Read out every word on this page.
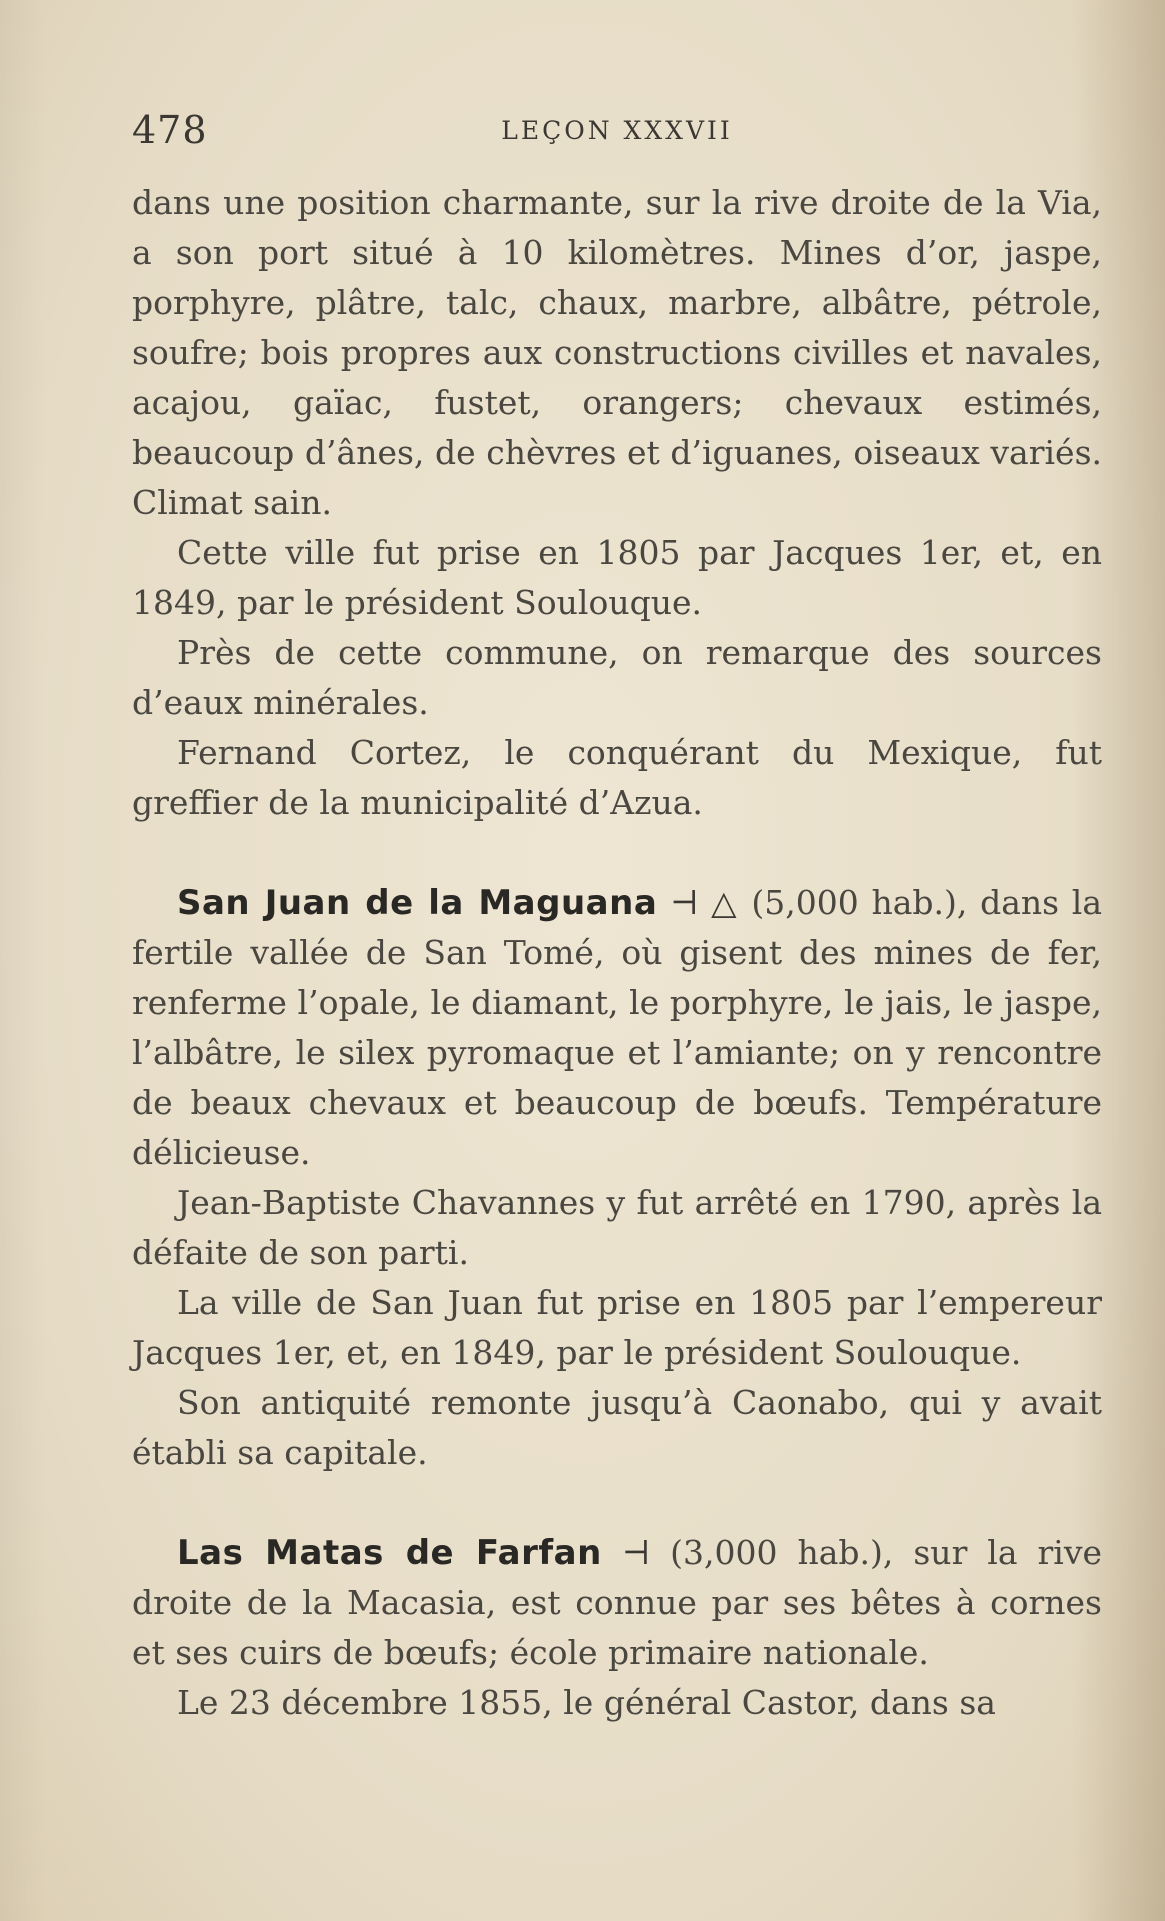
478	LEÇON XXXVII

dans une position charmante, sur la rive droite de la Via, a son port situé à 10 kilomètres. Mines d’or, jaspe, porphyre, plâtre, talc, chaux, marbre, albâtre, pétrole, soufre; bois propres aux constructions civilles et navales, acajou, gaïac, fustet, orangers; chevaux estimés, beaucoup d’ânes, de chèvres et d’iguanes, oiseaux variés. Climat sain.

Cette ville fut prise en 1805 par Jacques 1er, et, en 1849, par le président Soulouque.

Près de cette commune, on remarque des sources d’eaux minérales.

Fernand Cortez, le conquérant du Mexique, fut greffier de la municipalité d’Azua.

San Juan de la Maguana ⊣ △ (5,000 hab.), dans la fertile vallée de San Tomé, où gisent des mines de fer, renferme l’opale, le diamant, le porphyre, le jais, le jaspe, l’albâtre, le silex pyromaque et l’amiante; on y rencontre de beaux chevaux et beaucoup de bœufs. Température délicieuse.

Jean-Baptiste Chavannes y fut arrêté en 1790, après la défaite de son parti.

La ville de San Juan fut prise en 1805 par l’empereur Jacques 1er, et, en 1849, par le président Soulouque.

Son antiquité remonte jusqu’à Caonabo, qui y avait établi sa capitale.

Las Matas de Farfan ⊣ (3,000 hab.), sur la rive droite de la Macasia, est connue par ses bêtes à cornes et ses cuirs de bœufs; école primaire nationale.

Le 23 décembre 1855, le général Castor, dans sa
